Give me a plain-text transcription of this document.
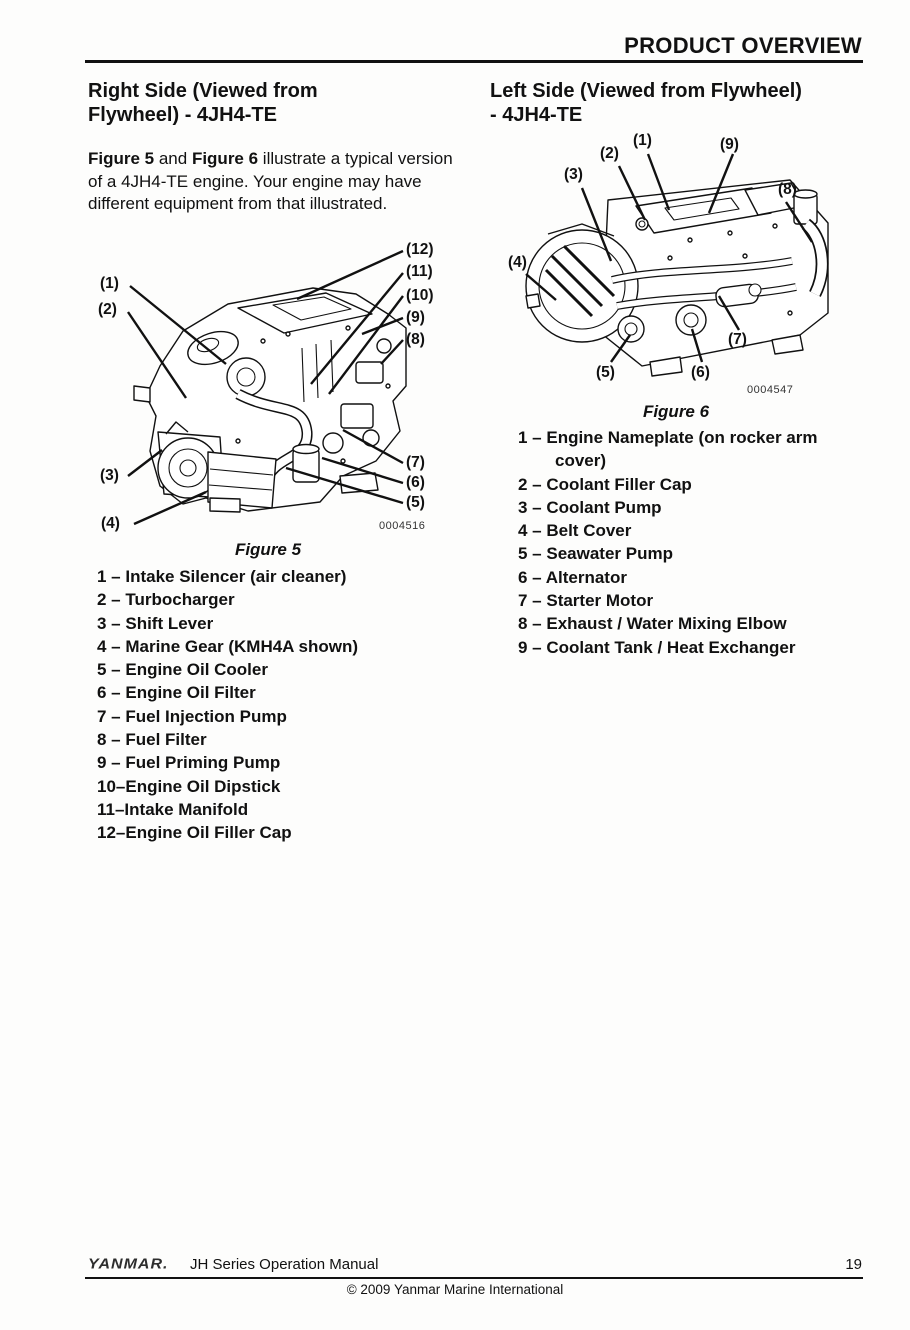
PRODUCT OVERVIEW
Right Side (Viewed from
Flywheel) - 4JH4-TE
Left Side (Viewed from Flywheel)
- 4JH4-TE

Figure 5 and Figure 6 illustrate a typical version of a 4JH4-TE engine. Your engine may have different equipment from that illustrated.

(1)
(2)
(3)
(4)
(5)
(6)
(7)
(8)
(9)
(10)
(11)
(12)
0004516
Figure 5
1 – Intake Silencer (air cleaner)
2 – Turbocharger
3 – Shift Lever
4 – Marine Gear (KMH4A shown)
5 – Engine Oil Cooler
6 – Engine Oil Filter
7 – Fuel Injection Pump
8 – Fuel Filter
9 – Fuel Priming Pump
10–Engine Oil Dipstick
11–Intake Manifold
12–Engine Oil Filler Cap
(1)
(2)
(3)
(4)
(5)	(6)
(7)
(8)
(9)
0004547
Figure 6
1 – Engine Nameplate (on rocker arm cover)
2 – Coolant Filler Cap
3 – Coolant Pump
4 – Belt Cover
5 – Seawater Pump
6 – Alternator
7 – Starter Motor
8 – Exhaust / Water Mixing Elbow
9 – Coolant Tank / Heat Exchanger
YANMAR. JH Series Operation Manual	19
© 2009 Yanmar Marine International
